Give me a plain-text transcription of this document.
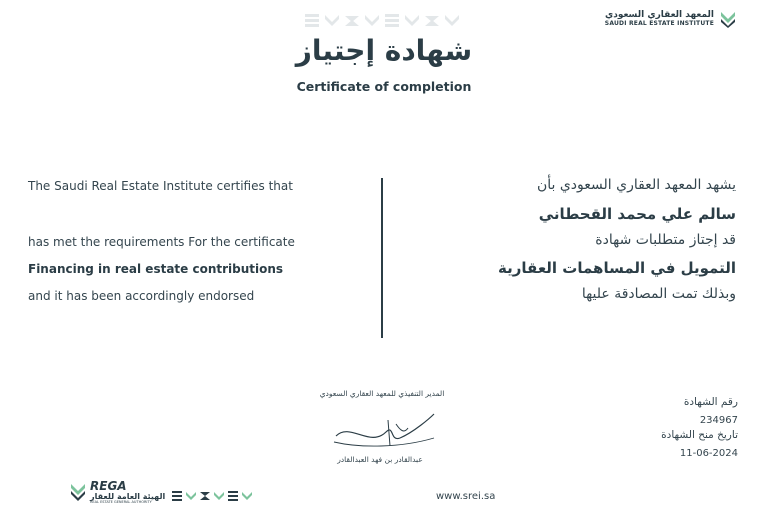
المعهد العقاري السعودي
SAUDI REAL ESTATE INSTITUTE
شهادة إجتياز
Certificate of completion
The Saudi Real Estate Institute certifies that
has met the requirements For the certificate
Financing in real estate contributions
and it has been accordingly endorsed
يشهد المعهد العقاري السعودي بأن
سالم علي محمد القحطاني
قد إجتاز متطلبات شهادة
التمويل في المساهمات العقارية
وبذلك تمت المصادقة عليها
المدير التنفيذي للمعهد العقاري السعودي
عبدالقادر بن فهد العبدالقادر
رقم الشهادة
234967
تاريخ منح الشهادة
11-06-2024
REGA
الهيئة العامة للعقار
REAL ESTATE GENERAL AUTHORITY	www.srei.sa
